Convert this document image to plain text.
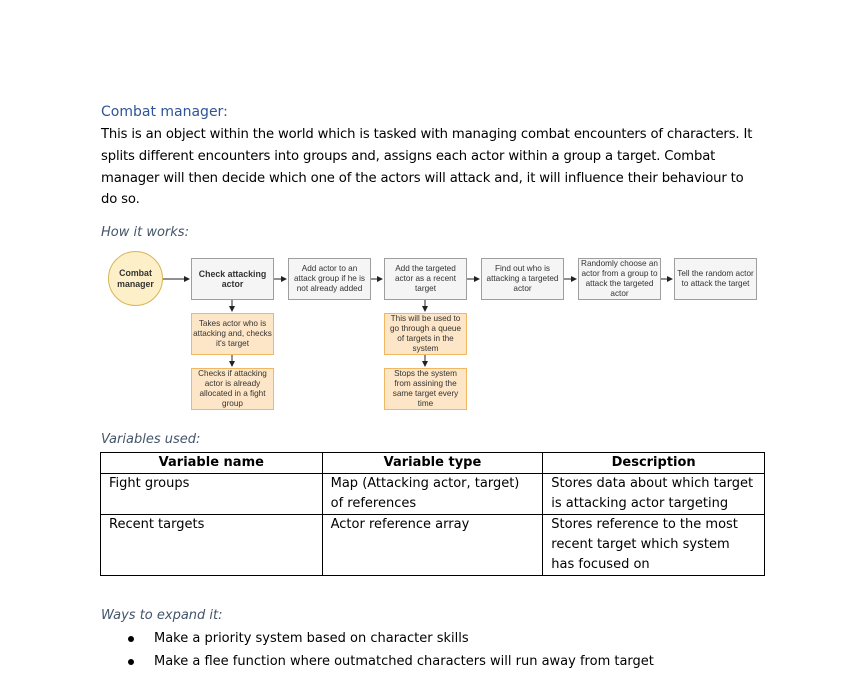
Combat manager:
This is an object within the world which is tasked with managing combat encounters of characters. It
splits different encounters into groups and, assigns each actor within a group a target. Combat
manager will then decide which one of the actors will attack and, it will influence their behaviour to
do so.
How it works:
Combat manager
Check attacking actor
Add actor to an attack group if he is not already added
Add the targeted actor as a recent target
Find out who is attacking a targeted actor
Randomly choose an actor from a group to attack the targeted actor
Tell the random actor to attack the target
Takes actor who is attacking and, checks it's target
Checks if attacking actor is already allocated in a fight group
This will be used to go through a queue of targets in the system
Stops the system from assining the same target every time
Variables used:
Variable name	Variable type	Description
Fight groups	Map (Attacking actor, target) of references	Stores data about which target is attacking actor targeting
Recent targets	Actor reference array	Stores reference to the most recent target which system has focused on
Ways to expand it:
Make a priority system based on character skills
Make a flee function where outmatched characters will run away from target
